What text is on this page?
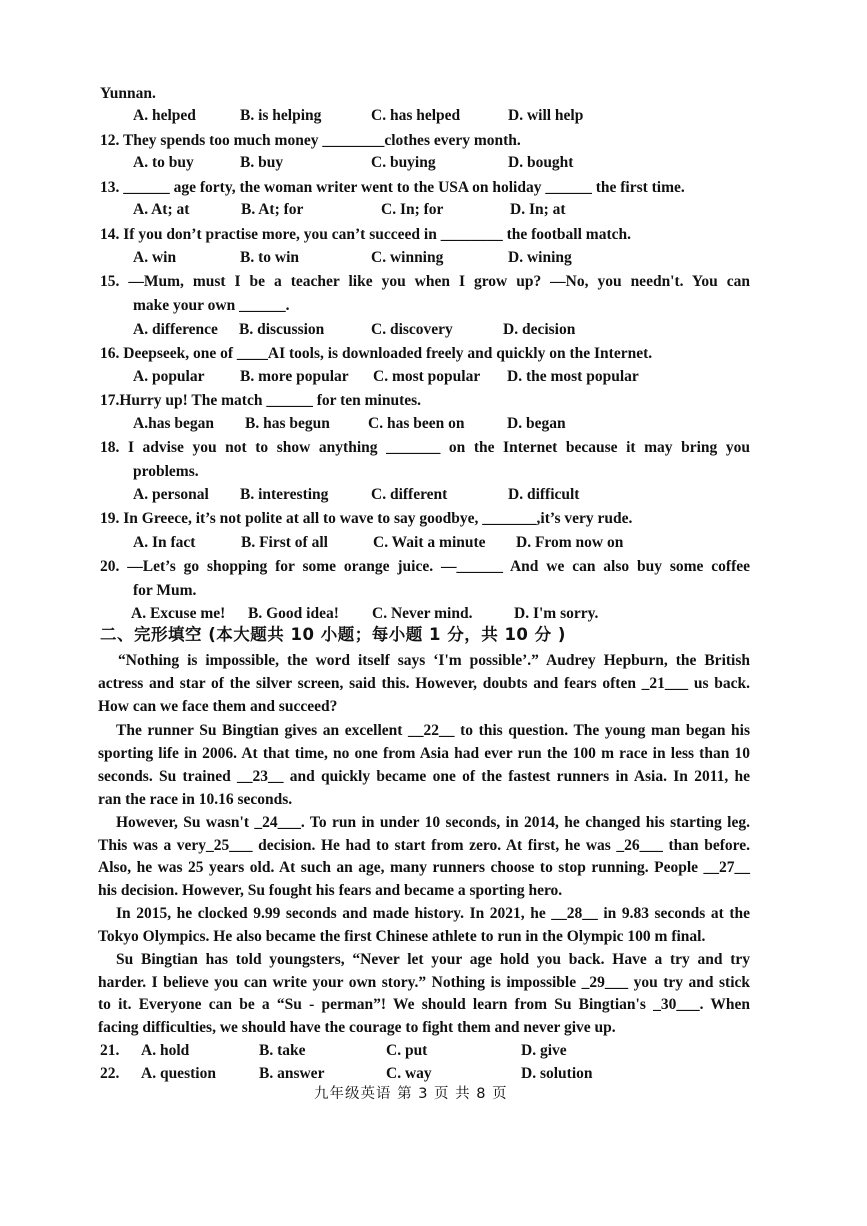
Yunnan.
A. helped	B. is helping	C. has helped	D. will help
12. They spends too much money ________clothes every month.
A. to buy	B. buy	C. buying	D. bought
13. ______ age forty, the woman writer went to the USA on holiday ______ the first time.
A. At; at	B. At; for	C. In; for	D. In; at
14. If you don’t practise more, you can’t succeed in ________ the football match.
A. win	B. to win	C. winning	D. wining
15. —Mum, must I be a teacher like you when I grow up? —No, you needn't. You can
make your own ______.
A. difference B. discussion	C. discovery	D. decision
16. Deepseek, one of ____AI tools, is downloaded freely and quickly on the Internet.
A. popular B. more popular C. most popular D. the most popular
17.Hurry up! The match ______ for ten minutes.
A.has began B. has begun C. has been on	D. began
18. I advise you not to show anything _______ on the Internet because it may bring you
problems.
A. personal B. interesting	C. different	D. difficult
19. In Greece, it’s not polite at all to wave to say goodbye, _______,it’s very rude.
A. In fact	B. First of all	C. Wait a minute D. From now on
20. —Let’s go shopping for some orange juice. —______ And we can also buy some coffee
for Mum.
A. Excuse me! B. Good idea! C. Never mind.	D. I'm sorry.
二、完形填空 (本大题共 10 小题；每小题 1 分，共 10 分 )
“Nothing is impossible, the word itself says ‘I'm possible’.” Audrey Hepburn, the British
actress and star of the silver screen, said this. However, doubts and fears often _21___ us back.
How can we face them and succeed?
The runner Su Bingtian gives an excellent __22__ to this question. The young man began his
sporting life in 2006. At that time, no one from Asia had ever run the 100 m race in less than 10
seconds. Su trained __23__ and quickly became one of the fastest runners in Asia. In 2011, he
ran the race in 10.16 seconds.
However, Su wasn't _24___. To run in under 10 seconds, in 2014, he changed his starting leg.
This was a very_25___ decision. He had to start from zero. At first, he was _26___ than before.
Also, he was 25 years old. At such an age, many runners choose to stop running. People __27__
his decision. However, Su fought his fears and became a sporting hero.
In 2015, he clocked 9.99 seconds and made history. In 2021, he __28__ in 9.83 seconds at the
Tokyo Olympics. He also became the first Chinese athlete to run in the Olympic 100 m final.
Su Bingtian has told youngsters, “Never let your age hold you back. Have a try and try
harder. I believe you can write your own story.” Nothing is impossible _29___ you try and stick
to it. Everyone can be a “Su - perman”! We should learn from Su Bingtian's _30___. When
facing difficulties, we should have the courage to fight them and never give up.
21. A. hold	B. take	C. put	D. give
22. A. question	B. answer	C. way	D. solution
九年级英语 第 3 页 共 8 页
